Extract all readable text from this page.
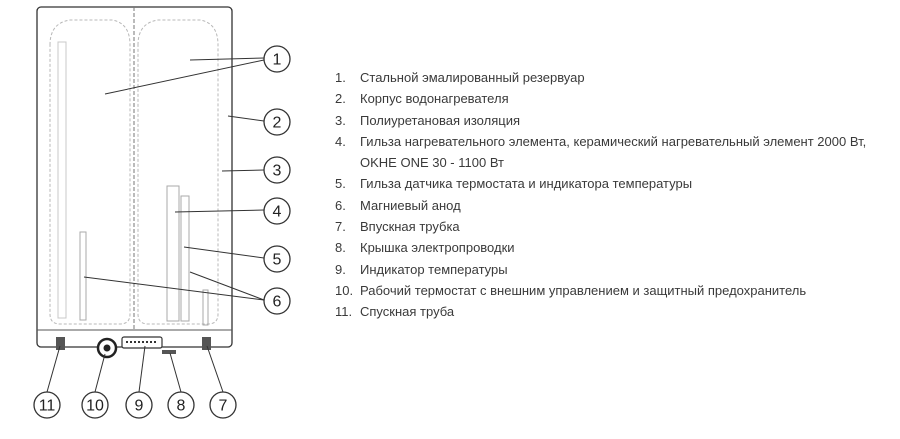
1
2
3
4
5
6
11 10 9 8 7
1.	Стальной эмалированный резервуар
2.	Корпус водонагревателя
3.	Полиуретановая изоляция
4.	Гильза нагревательного элемента, керамический нагревательный элемент 2000 Вт, OKHE ONE 30 - 1100 Вт
5.	Гильза датчика термостата и индикатора температуры
6.	Магниевый анод
7.	Впускная трубка
8.	Крышка электропроводки
9.	Индикатор температуры
10. Рабочий термостат с внешним управлением и защитный предохранитель
11. Спускная труба
